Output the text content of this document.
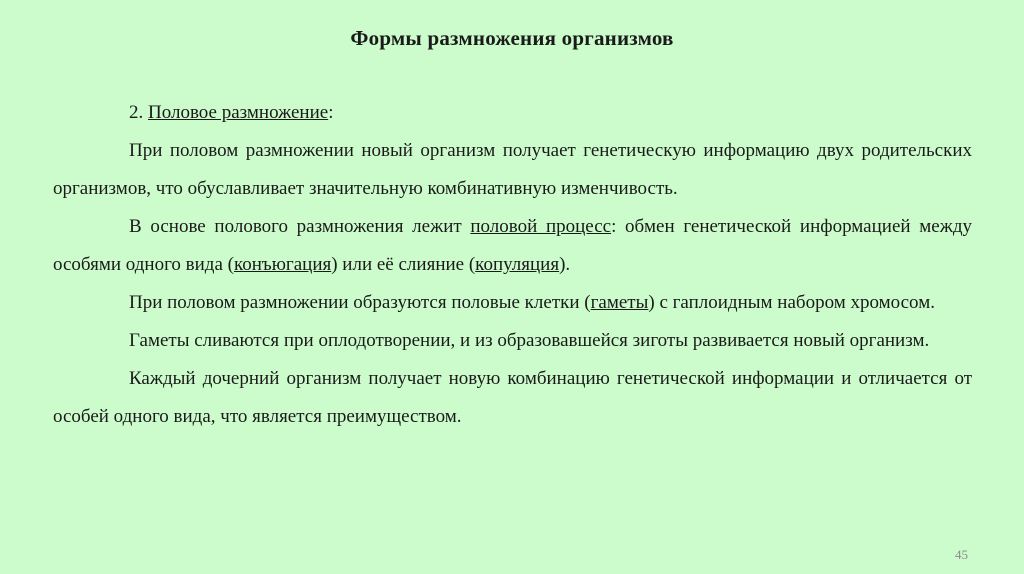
Формы размножения организмов

2. Половое размножение:

При половом размножении новый организм получает генетическую информацию двух родительских организмов, что обуславливает значительную комбинативную изменчивость.

В основе полового размножения лежит половой процесс: обмен генетической информацией между особями одного вида (конъюгация) или её слияние (копуляция).

При половом размножении образуются половые клетки (гаметы) с гаплоидным набором хромосом.

Гаметы сливаются при оплодотворении, и из образовавшейся зиготы развивается новый организм.

Каждый дочерний организм получает новую комбинацию генетической информации и отличается от особей одного вида, что является преимуществом.

45
